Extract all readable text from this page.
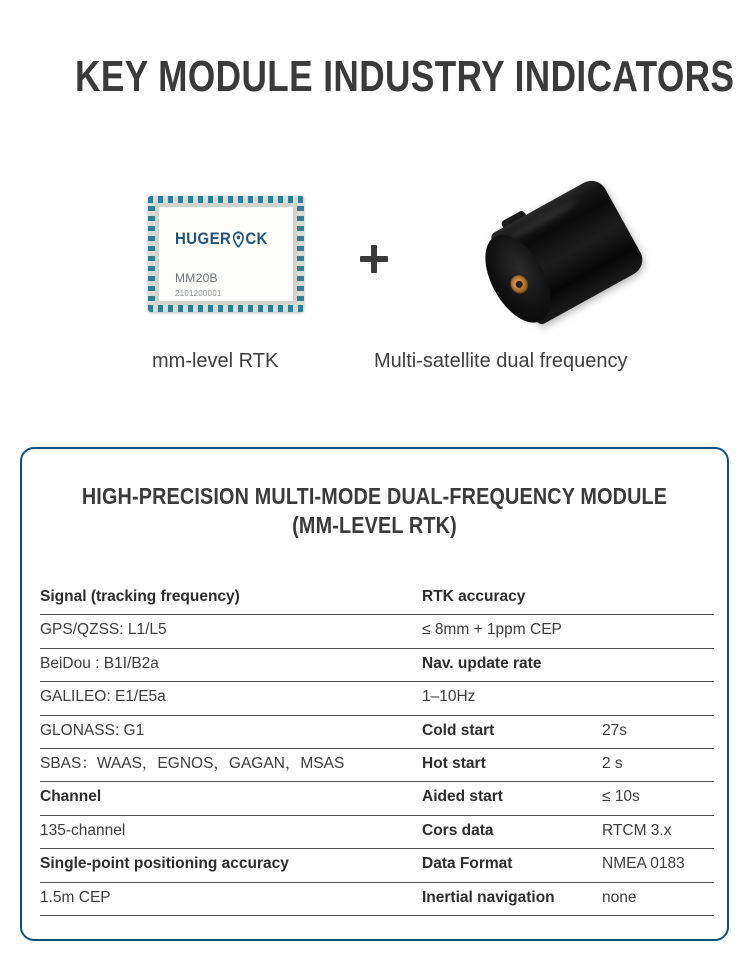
KEY MODULE INDUSTRY INDICATORS
HUGER CK
MM20B
2101200001
mm-level RTK	Multi-satellite dual frequency
HIGH-PRECISION MULTI-MODE DUAL-FREQUENCY MODULE
(MM-LEVEL RTK)
Signal (tracking frequency)	RTK accuracy
GPS/QZSS: L1/L5	≤ 8mm + 1ppm CEP
BeiDou : B1I/B2a	Nav. update rate
GALILEO: E1/E5a	1–10Hz
GLONASS: G1	Cold start	27s
SBAS：WAAS，EGNOS，GAGAN，MSAS	Hot start	2 s
Channel	Aided start	≤ 10s
135-channel	Cors data	RTCM 3.x
Single-point positioning accuracy	Data Format	NMEA 0183
1.5m CEP	Inertial navigation	none
